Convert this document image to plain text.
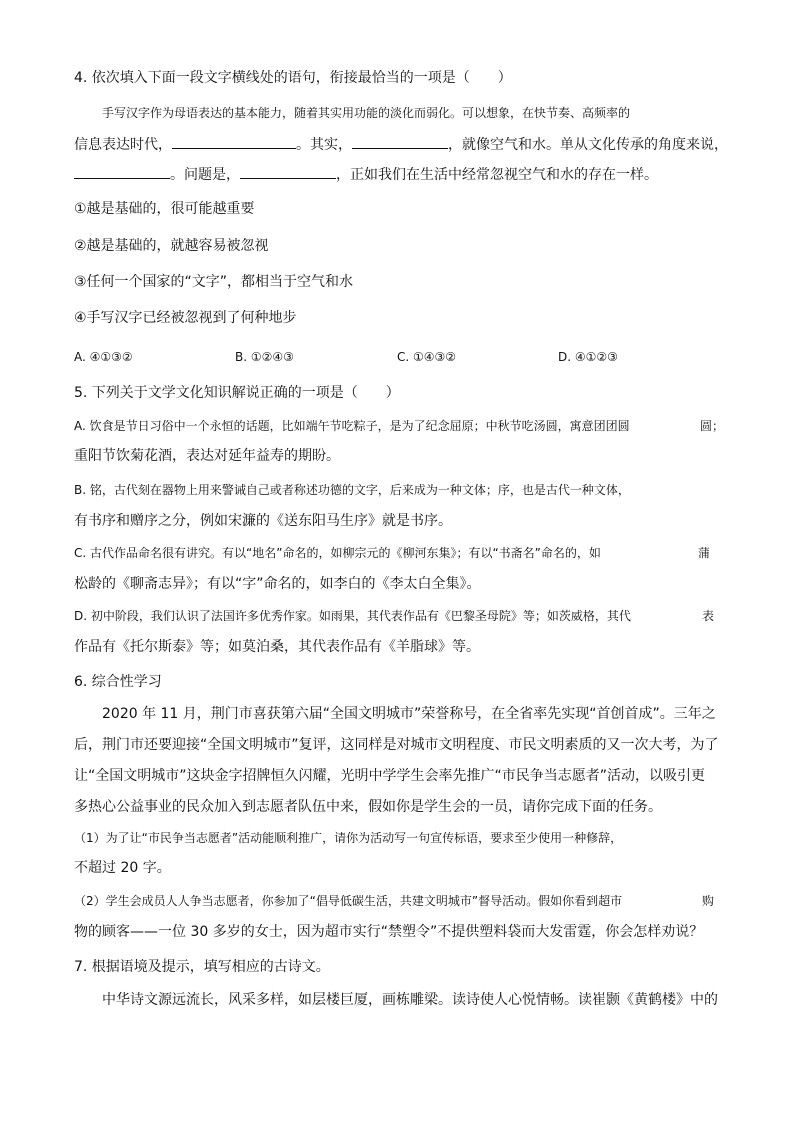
4. 依次填入下面一段文字横线处的语句，衔接最恰当的一项是（　　）
手写汉字作为母语表达的基本能力，随着其实用功能的淡化而弱化。可以想象，在快节奏、高频率的
信息表达时代，	。其实，	，就像空气和水。单从文化传承的角度来说，
。问题是，	，正如我们在生活中经常忽视空气和水的存在一样。
①越是基础的，很可能越重要
②越是基础的，就越容易被忽视
③任何一个国家的“文字”，都相当于空气和水
④手写汉字已经被忽视到了何种地步
A. ④①③②	B. ①②④③	C. ①④③②	D. ④①②③
5. 下列关于文学文化知识解说正确的一项是（　　）
A. 饮食是节日习俗中一个永恒的话题，比如端午节吃粽子，是为了纪念屈原；中秋节吃汤圆，寓意团团圆	圆；
重阳节饮菊花酒，表达对延年益寿的期盼。
B. 铭，古代刻在器物上用来警诫自己或者称述功德的文字，后来成为一种文体；序，也是古代一种文体，
有书序和赠序之分，例如宋濂的《送东阳马生序》就是书序。
C. 古代作品命名很有讲究。有以“地名”命名的，如柳宗元的《柳河东集》；有以“书斋名”命名的，如	蒲
松龄的《聊斋志异》；有以“字”命名的，如李白的《李太白全集》。
D. 初中阶段，我们认识了法国许多优秀作家。如雨果，其代表作品有《巴黎圣母院》等；如茨威格，其代	表
作品有《托尔斯泰》等；如莫泊桑，其代表作品有《羊脂球》等。
6. 综合性学习
2020 年 11 月，荆门市喜获第六届“全国文明城市”荣誉称号，在全省率先实现“首创首成”。三年之
后，荆门市还要迎接“全国文明城市”复评，这同样是对城市文明程度、市民文明素质的又一次大考，为了
让“全国文明城市”这块金字招牌恒久闪耀，光明中学学生会率先推广“市民争当志愿者”活动，以吸引更
多热心公益事业的民众加入到志愿者队伍中来，假如你是学生会的一员，请你完成下面的任务。
（1）为了让“市民争当志愿者”活动能顺利推广，请你为活动写一句宣传标语，要求至少使用一种修辞，
不超过 20 字。
（2）学生会成员人人争当志愿者，你参加了“倡导低碳生活，共建文明城市”督导活动。假如你看到超市	购
物的顾客——一位 30 多岁的女士，因为超市实行“禁塑令”不提供塑料袋而大发雷霆，你会怎样劝说？
7. 根据语境及提示，填写相应的古诗文。
中华诗文源远流长，风采多样，如层楼巨厦，画栋雕梁。读诗使人心悦情畅。读崔颢《黄鹤楼》中的
